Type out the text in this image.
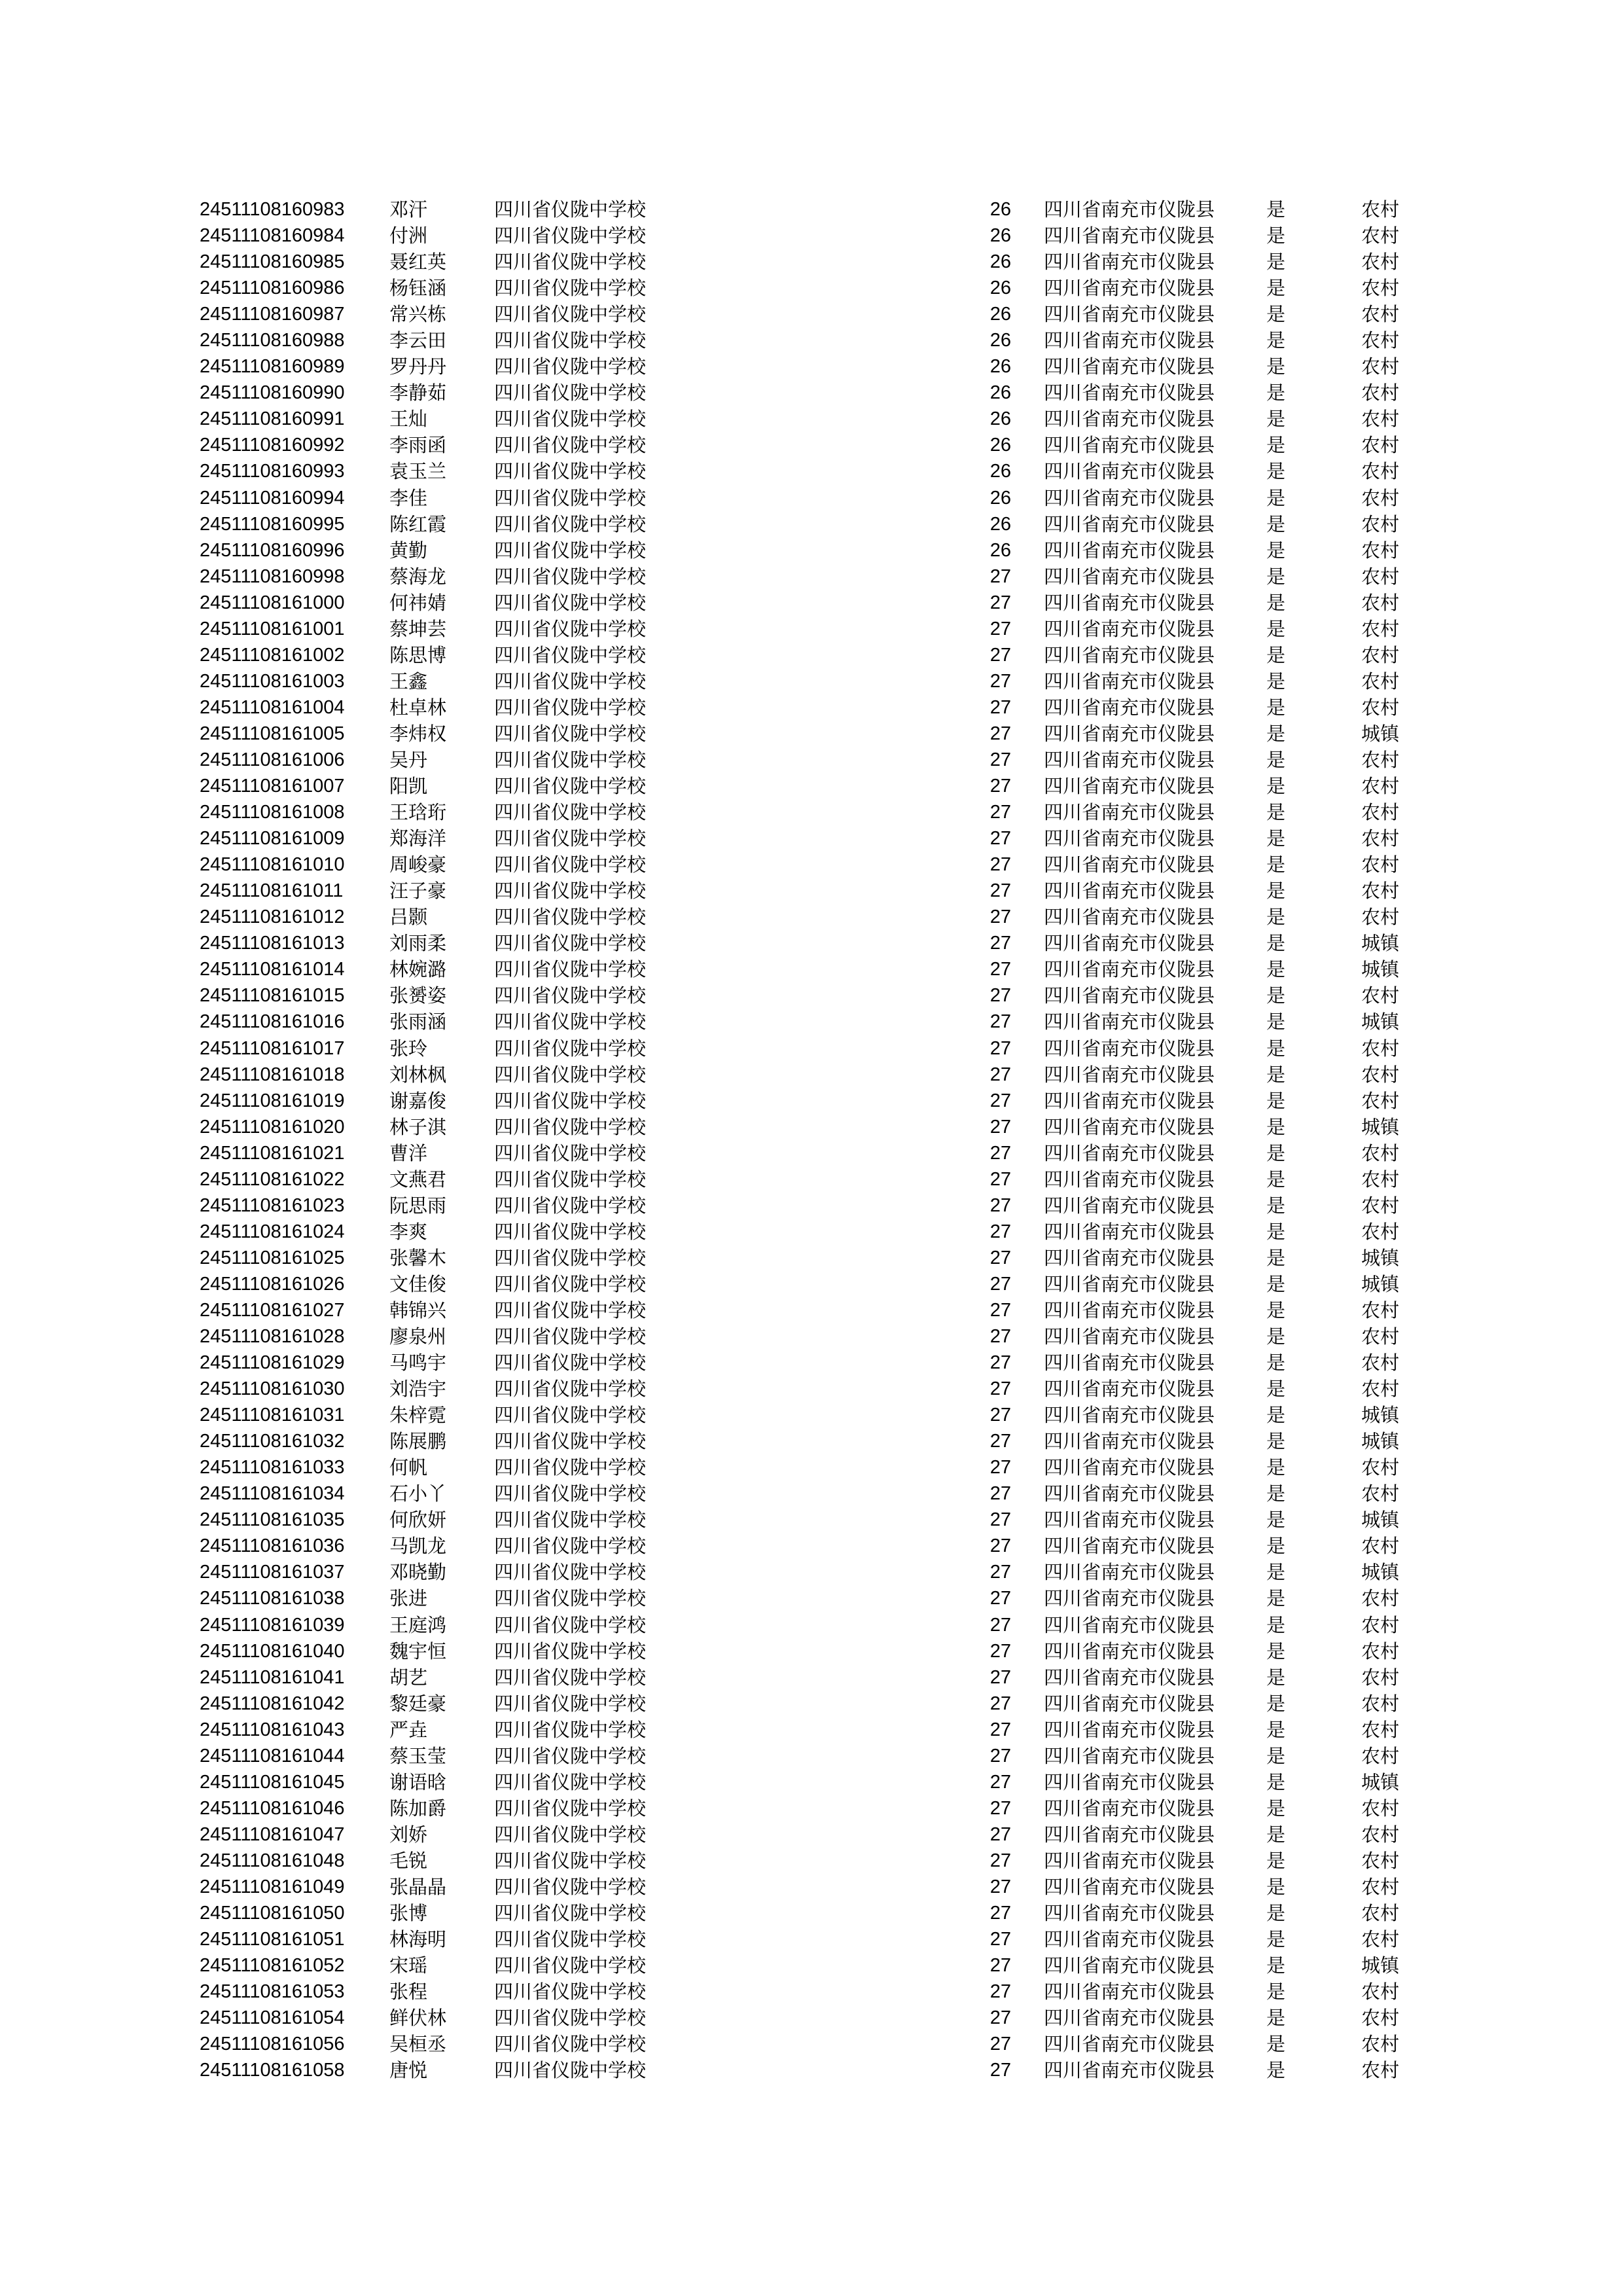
24511108160983 邓汗	四川省仪陇中学校	26 四川省南充市仪陇县	是	农村
24511108160984 付洲	四川省仪陇中学校	26 四川省南充市仪陇县	是	农村
24511108160985 聂红英	四川省仪陇中学校	26 四川省南充市仪陇县	是	农村
24511108160986 杨钰涵	四川省仪陇中学校	26 四川省南充市仪陇县	是	农村
24511108160987 常兴栋	四川省仪陇中学校	26 四川省南充市仪陇县	是	农村
24511108160988 李云田	四川省仪陇中学校	26 四川省南充市仪陇县	是	农村
24511108160989 罗丹丹	四川省仪陇中学校	26 四川省南充市仪陇县	是	农村
24511108160990 李静茹	四川省仪陇中学校	26 四川省南充市仪陇县	是	农村
24511108160991 王灿	四川省仪陇中学校	26 四川省南充市仪陇县	是	农村
24511108160992 李雨函	四川省仪陇中学校	26 四川省南充市仪陇县	是	农村
24511108160993 袁玉兰	四川省仪陇中学校	26 四川省南充市仪陇县	是	农村
24511108160994 李佳	四川省仪陇中学校	26 四川省南充市仪陇县	是	农村
24511108160995 陈红霞	四川省仪陇中学校	26 四川省南充市仪陇县	是	农村
24511108160996 黄勤	四川省仪陇中学校	26 四川省南充市仪陇县	是	农村
24511108160998 蔡海龙	四川省仪陇中学校	27 四川省南充市仪陇县	是	农村
24511108161000 何祎婧	四川省仪陇中学校	27 四川省南充市仪陇县	是	农村
24511108161001 蔡坤芸	四川省仪陇中学校	27 四川省南充市仪陇县	是	农村
24511108161002 陈思博	四川省仪陇中学校	27 四川省南充市仪陇县	是	农村
24511108161003 王鑫	四川省仪陇中学校	27 四川省南充市仪陇县	是	农村
24511108161004 杜卓林	四川省仪陇中学校	27 四川省南充市仪陇县	是	农村
24511108161005 李炜权	四川省仪陇中学校	27 四川省南充市仪陇县	是	城镇
24511108161006 吴丹	四川省仪陇中学校	27 四川省南充市仪陇县	是	农村
24511108161007 阳凯	四川省仪陇中学校	27 四川省南充市仪陇县	是	农村
24511108161008 王琀珩	四川省仪陇中学校	27 四川省南充市仪陇县	是	农村
24511108161009 郑海洋	四川省仪陇中学校	27 四川省南充市仪陇县	是	农村
24511108161010 周峻豪	四川省仪陇中学校	27 四川省南充市仪陇县	是	农村
24511108161011 汪子豪	四川省仪陇中学校	27 四川省南充市仪陇县	是	农村
24511108161012 吕颢	四川省仪陇中学校	27 四川省南充市仪陇县	是	农村
24511108161013 刘雨柔	四川省仪陇中学校	27 四川省南充市仪陇县	是	城镇
24511108161014 林婉潞	四川省仪陇中学校	27 四川省南充市仪陇县	是	城镇
24511108161015 张赟姿	四川省仪陇中学校	27 四川省南充市仪陇县	是	农村
24511108161016 张雨涵	四川省仪陇中学校	27 四川省南充市仪陇县	是	城镇
24511108161017 张玲	四川省仪陇中学校	27 四川省南充市仪陇县	是	农村
24511108161018 刘林枫	四川省仪陇中学校	27 四川省南充市仪陇县	是	农村
24511108161019 谢嘉俊	四川省仪陇中学校	27 四川省南充市仪陇县	是	农村
24511108161020 林子淇	四川省仪陇中学校	27 四川省南充市仪陇县	是	城镇
24511108161021 曹洋	四川省仪陇中学校	27 四川省南充市仪陇县	是	农村
24511108161022 文燕君	四川省仪陇中学校	27 四川省南充市仪陇县	是	农村
24511108161023 阮思雨	四川省仪陇中学校	27 四川省南充市仪陇县	是	农村
24511108161024 李爽	四川省仪陇中学校	27 四川省南充市仪陇县	是	农村
24511108161025 张馨木	四川省仪陇中学校	27 四川省南充市仪陇县	是	城镇
24511108161026 文佳俊	四川省仪陇中学校	27 四川省南充市仪陇县	是	城镇
24511108161027 韩锦兴	四川省仪陇中学校	27 四川省南充市仪陇县	是	农村
24511108161028 廖泉州	四川省仪陇中学校	27 四川省南充市仪陇县	是	农村
24511108161029 马鸣宇	四川省仪陇中学校	27 四川省南充市仪陇县	是	农村
24511108161030 刘浩宇	四川省仪陇中学校	27 四川省南充市仪陇县	是	农村
24511108161031 朱梓霓	四川省仪陇中学校	27 四川省南充市仪陇县	是	城镇
24511108161032 陈展鹏	四川省仪陇中学校	27 四川省南充市仪陇县	是	城镇
24511108161033 何帆	四川省仪陇中学校	27 四川省南充市仪陇县	是	农村
24511108161034 石小丫	四川省仪陇中学校	27 四川省南充市仪陇县	是	农村
24511108161035 何欣妍	四川省仪陇中学校	27 四川省南充市仪陇县	是	城镇
24511108161036 马凯龙	四川省仪陇中学校	27 四川省南充市仪陇县	是	农村
24511108161037 邓晓勤	四川省仪陇中学校	27 四川省南充市仪陇县	是	城镇
24511108161038 张进	四川省仪陇中学校	27 四川省南充市仪陇县	是	农村
24511108161039 王庭鸿	四川省仪陇中学校	27 四川省南充市仪陇县	是	农村
24511108161040 魏宇恒	四川省仪陇中学校	27 四川省南充市仪陇县	是	农村
24511108161041 胡艺	四川省仪陇中学校	27 四川省南充市仪陇县	是	农村
24511108161042 黎廷豪	四川省仪陇中学校	27 四川省南充市仪陇县	是	农村
24511108161043 严垚	四川省仪陇中学校	27 四川省南充市仪陇县	是	农村
24511108161044 蔡玉莹	四川省仪陇中学校	27 四川省南充市仪陇县	是	农村
24511108161045 谢语晗	四川省仪陇中学校	27 四川省南充市仪陇县	是	城镇
24511108161046 陈加爵	四川省仪陇中学校	27 四川省南充市仪陇县	是	农村
24511108161047 刘娇	四川省仪陇中学校	27 四川省南充市仪陇县	是	农村
24511108161048 毛锐	四川省仪陇中学校	27 四川省南充市仪陇县	是	农村
24511108161049 张晶晶	四川省仪陇中学校	27 四川省南充市仪陇县	是	农村
24511108161050 张博	四川省仪陇中学校	27 四川省南充市仪陇县	是	农村
24511108161051 林海明	四川省仪陇中学校	27 四川省南充市仪陇县	是	农村
24511108161052 宋瑶	四川省仪陇中学校	27 四川省南充市仪陇县	是	城镇
24511108161053 张程	四川省仪陇中学校	27 四川省南充市仪陇县	是	农村
24511108161054 鲜伏林	四川省仪陇中学校	27 四川省南充市仪陇县	是	农村
24511108161056 吴桓丞	四川省仪陇中学校	27 四川省南充市仪陇县	是	农村
24511108161058 唐悦	四川省仪陇中学校	27 四川省南充市仪陇县	是	农村
